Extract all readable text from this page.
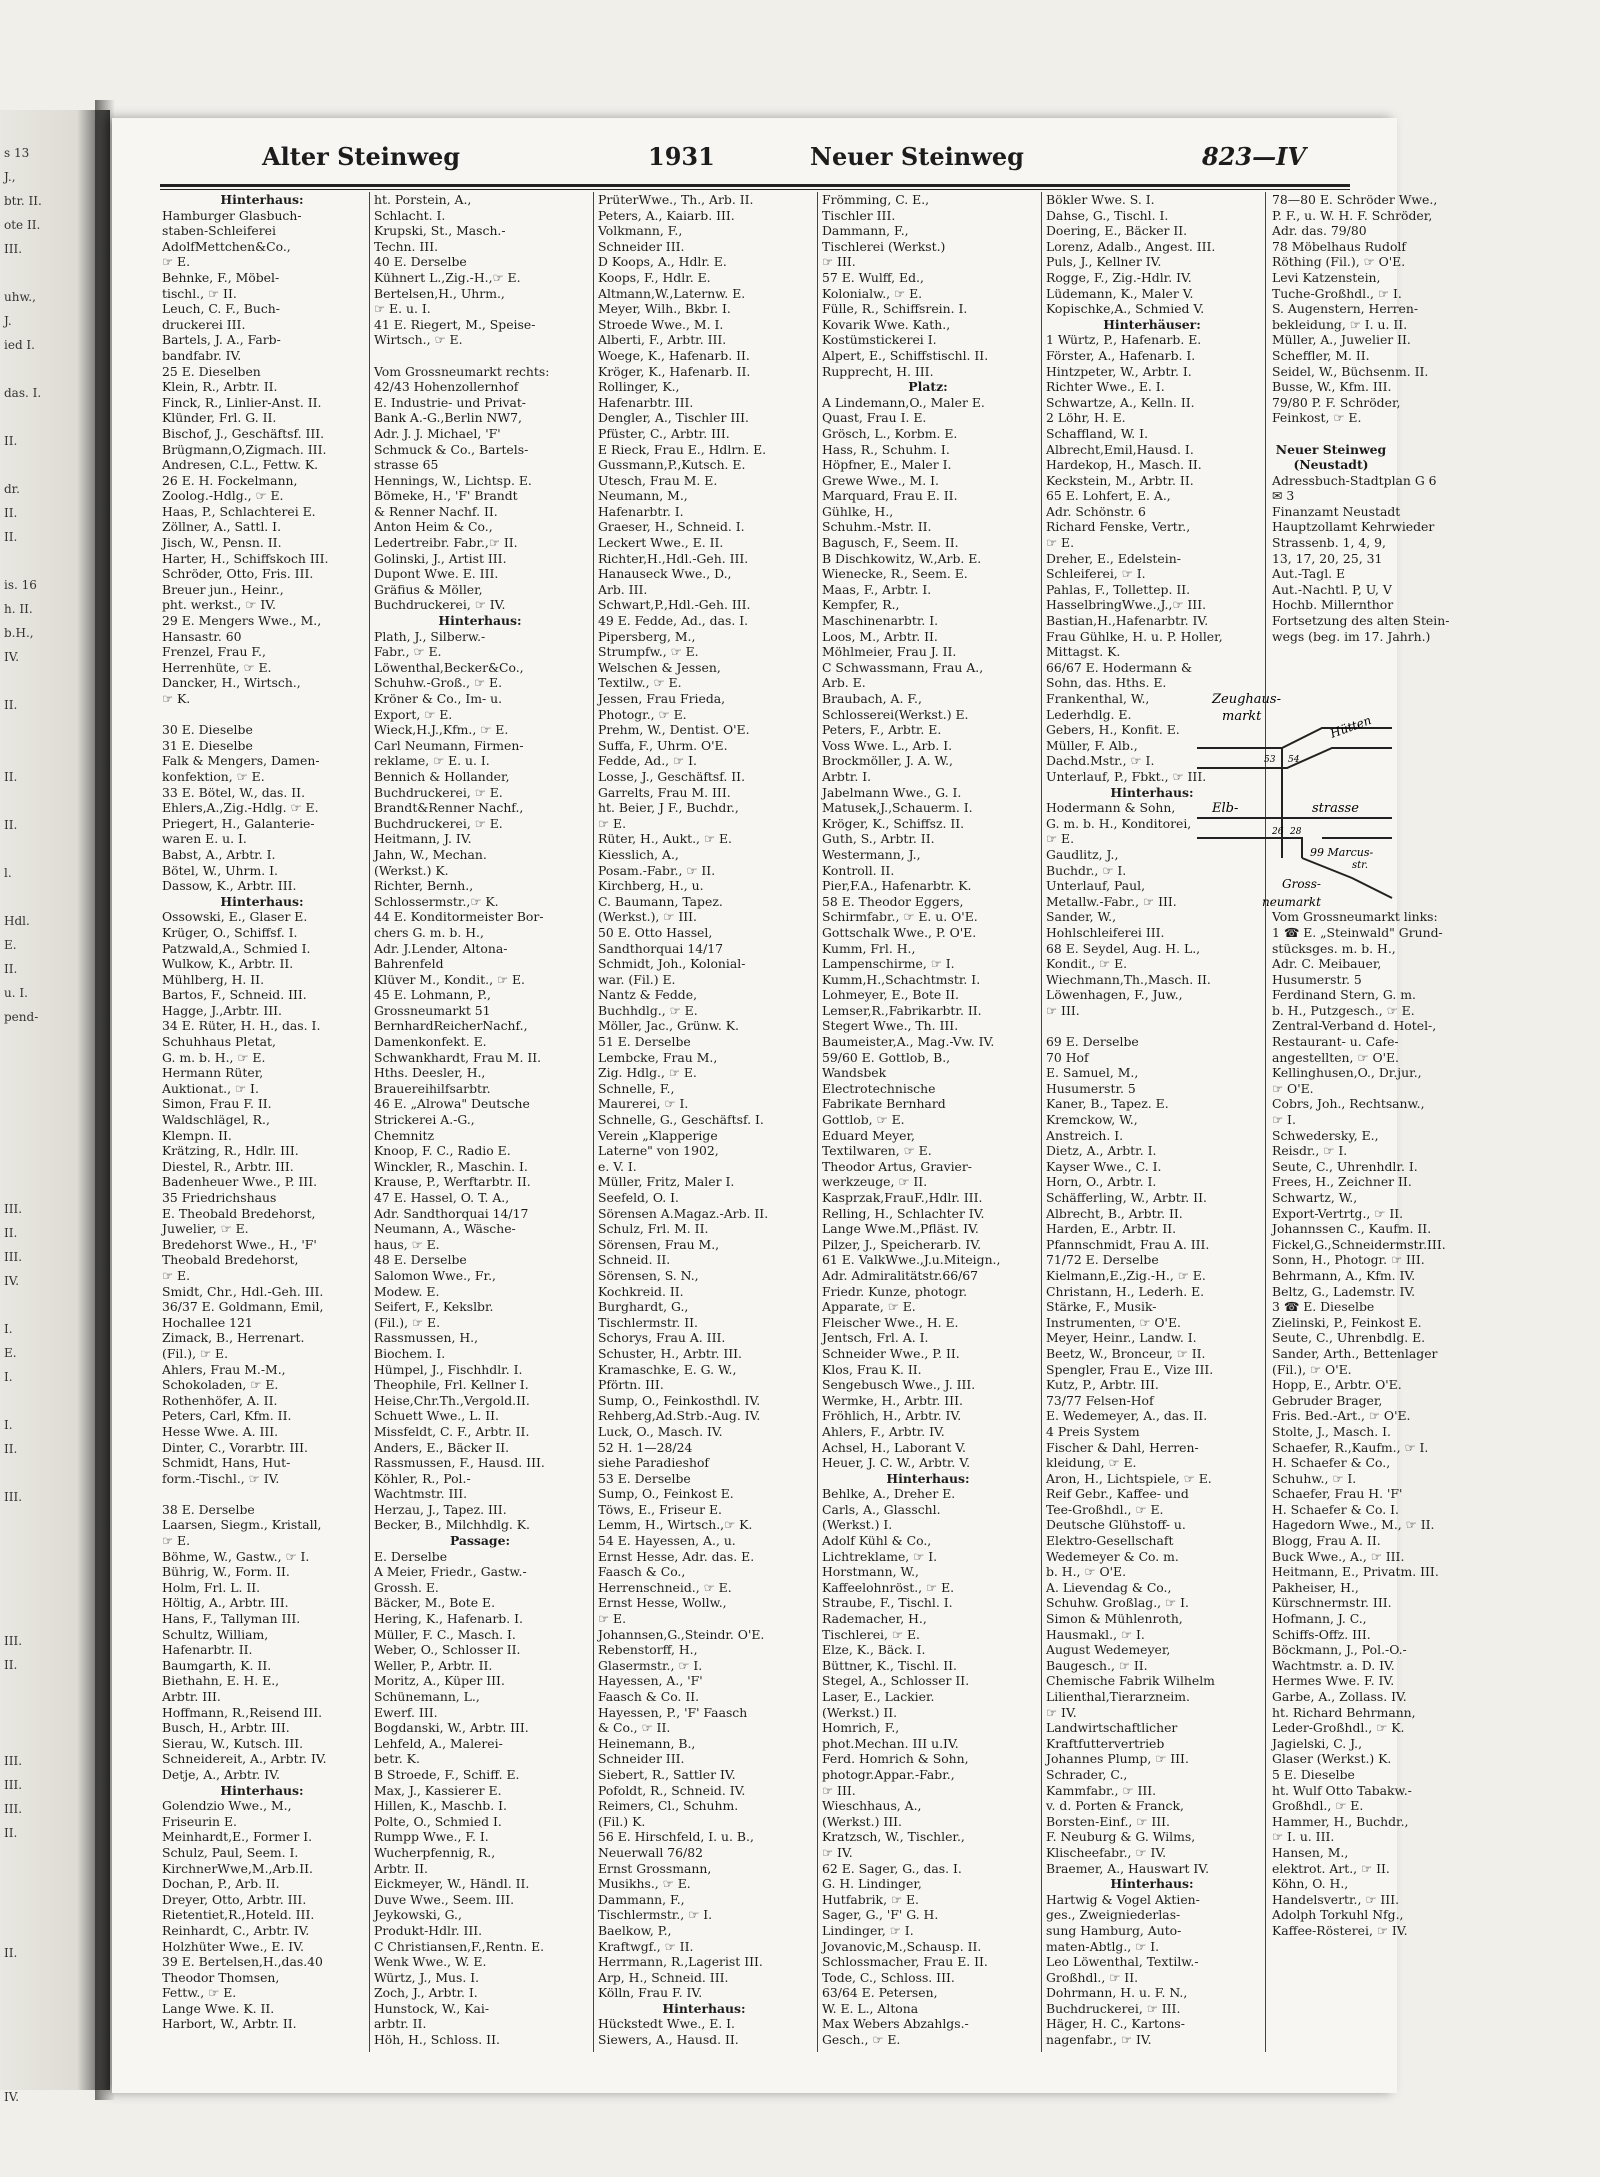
s 13
J.,
btr. II.
ote II.
III.
uhw.,
J.
ied I.
das. I.
II.
dr.
II.
II.
is. 16
h. II.
b.H.,
IV.
II.
II.
II.
l.
Hdl.
E.
II.
u. I.
pend-
III.
II.
III.
IV.
I.
E.
I.
I.
II.
III.
III.
II.
III.
III.
III.
II.
II.
IV.
Alter Steinweg	1931	Neuer Steinweg	823—IV
Hinterhaus:
Hamburger Glasbuch-
staben-Schleiferei
AdolfMettchen&Co.,
☞ E.
Behnke, F., Möbel-
tischl., ☞ II.
Leuch, C. F., Buch-
druckerei III.
Bartels, J. A., Farb-
bandfabr. IV.
25 E. Dieselben
Klein, R., Arbtr. II.
Finck, R., Linlier-Anst. II.
Klünder, Frl. G. II.
Bischof, J., Geschäftsf. III.
Brügmann,O,Zigmach. III.
Andresen, C.L., Fettw. K.
26 E. H. Fockelmann,
Zoolog.-Hdlg., ☞ E.
Haas, P., Schlachterei E.
Zöllner, A., Sattl. I.
Jisch, W., Pensn. II.
Harter, H., Schiffskoch III.
Schröder, Otto, Fris. III.
Breuer jun., Heinr.,
pht. werkst., ☞ IV.
29 E. Mengers Wwe., M.,
Hansastr. 60
Frenzel, Frau F.,
Herrenhüte, ☞ E.
Dancker, H., Wirtsch.,
☞ K.
30 E. Dieselbe
31 E. Dieselbe
Falk & Mengers, Damen-
konfektion, ☞ E.
33 E. Bötel, W., das. II.
Ehlers,A.,Zig.-Hdlg. ☞ E.
Priegert, H., Galanterie-
waren E. u. I.
Babst, A., Arbtr. I.
Bötel, W., Uhrm. I.
Dassow, K., Arbtr. III.
Hinterhaus:
Ossowski, E., Glaser E.
Krüger, O., Schiffsf. I.
Patzwald,A., Schmied I.
Wulkow, K., Arbtr. II.
Mühlberg, H. II.
Bartos, F., Schneid. III.
Hagge, J.,Arbtr. III.
34 E. Rüter, H. H., das. I.
Schuhhaus Pletat,
G. m. b. H., ☞ E.
Hermann Rüter,
Auktionat., ☞ I.
Simon, Frau F. II.
Waldschlägel, R.,
Klempn. II.
Krätzing, R., Hdlr. III.
Diestel, R., Arbtr. III.
Badenheuer Wwe., P. III.
35 Friedrichshaus
E. Theobald Bredehorst,
Juwelier, ☞ E.
Bredehorst Wwe., H., 'F'
Theobald Bredehorst,
☞ E.
Smidt, Chr., Hdl.-Geh. III.
36/37 E. Goldmann, Emil,
Hochallee 121
Zimack, B., Herrenart.
(Fil.), ☞ E.
Ahlers, Frau M.-M.,
Schokoladen, ☞ E.
Rothenhöfer, A. II.
Peters, Carl, Kfm. II.
Hesse Wwe. A. III.
Dinter, C., Vorarbtr. III.
Schmidt, Hans, Hut-
form.-Tischl., ☞ IV.
38 E. Derselbe
Laarsen, Siegm., Kristall,
☞ E.
Böhme, W., Gastw., ☞ I.
Bührig, W., Form. II.
Holm, Frl. L. II.
Höltig, A., Arbtr. III.
Hans, F., Tallyman III.
Schultz, William,
Hafenarbtr. II.
Baumgarth, K. II.
Biethahn, E. H. E.,
Arbtr. III.
Hoffmann, R.,Reisend III.
Busch, H., Arbtr. III.
Sierau, W., Kutsch. III.
Schneidereit, A., Arbtr. IV.
Detje, A., Arbtr. IV.
Hinterhaus:
Golendzio Wwe., M.,
Friseurin E.
Meinhardt,E., Former I.
Schulz, Paul, Seem. I.
KirchnerWwe,M.,Arb.II.
Dochan, P., Arb. II.
Dreyer, Otto, Arbtr. III.
Rietentiet,R.,Hoteld. III.
Reinhardt, C., Arbtr. IV.
Holzhüter Wwe., E. IV.
39 E. Bertelsen,H.,das.40
Theodor Thomsen,
Fettw., ☞ E.
Lange Wwe. K. II.
Harbort, W., Arbtr. II.
ht. Porstein, A.,
Schlacht. I.
Krupski, St., Masch.-
Techn. III.
40 E. Derselbe
Kühnert L.,Zig.-H.,☞ E.
Bertelsen,H., Uhrm.,
☞ E. u. I.
41 E. Riegert, M., Speise-
Wirtsch., ☞ E.
Vom Grossneumarkt rechts:
42/43 Hohenzollernhof
E. Industrie- und Privat-
Bank A.-G.,Berlin NW7,
Adr. J. J. Michael, 'F'
Schmuck & Co., Bartels-
strasse 65
Hennings, W., Lichtsp. E.
Bömeke, H., 'F' Brandt
& Renner Nachf. II.
Anton Heim & Co.,
Ledertreibr. Fabr.,☞ II.
Golinski, J., Artist III.
Dupont Wwe. E. III.
Gräfius & Möller,
Buchdruckerei, ☞ IV.
Hinterhaus:
Plath, J., Silberw.-
Fabr., ☞ E.
Löwenthal,Becker&Co.,
Schuhw.-Groß., ☞ E.
Kröner & Co., Im- u.
Export, ☞ E.
Wieck,H.J.,Kfm., ☞ E.
Carl Neumann, Firmen-
reklame, ☞ E. u. I.
Bennich & Hollander,
Buchdruckerei, ☞ E.
Brandt&Renner Nachf.,
Buchdruckerei, ☞ E.
Heitmann, J. IV.
Jahn, W., Mechan.
(Werkst.) K.
Richter, Bernh.,
Schlossermstr.,☞ K.
44 E. Konditormeister Bor-
chers G. m. b. H.,
Adr. J.Lender, Altona-
Bahrenfeld
Klüver M., Kondit., ☞ E.
45 E. Lohmann, P.,
Grossneumarkt 51
BernhardReicherNachf.,
Damenkonfekt. E.
Schwankhardt, Frau M. II.
Hths. Deesler, H.,
Brauereihilfsarbtr.
46 E. „Alrowa" Deutsche
Strickerei A.-G.,
Chemnitz
Knoop, F. C., Radio E.
Winckler, R., Maschin. I.
Krause, P., Werftarbtr. II.
47 E. Hassel, O. T. A.,
Adr. Sandthorquai 14/17
Neumann, A., Wäsche-
haus, ☞ E.
48 E. Derselbe
Salomon Wwe., Fr.,
Modew. E.
Seifert, F., Kekslbr.
(Fil.), ☞ E.
Rassmussen, H.,
Biochem. I.
Hümpel, J., Fischhdlr. I.
Theophile, Frl. Kellner I.
Heise,Chr.Th.,Vergold.II.
Schuett Wwe., L. II.
Missfeldt, C. F., Arbtr. II.
Anders, E., Bäcker II.
Rassmussen, F., Hausd. III.
Köhler, R., Pol.-
Wachtmstr. III.
Herzau, J., Tapez. III.
Becker, B., Milchhdlg. K.
Passage:
E. Derselbe
A Meier, Friedr., Gastw.-
Grossh. E.
Bäcker, M., Bote E.
Hering, K., Hafenarb. I.
Müller, F. C., Masch. I.
Weber, O., Schlosser II.
Weller, P., Arbtr. II.
Moritz, A., Küper III.
Schünemann, L.,
Ewerf. III.
Bogdanski, W., Arbtr. III.
Lehfeld, A., Malerei-
betr. K.
B Stroede, F., Schiff. E.
Max, J., Kassierer E.
Hillen, K., Maschb. I.
Polte, O., Schmied I.
Rumpp Wwe., F. I.
Wucherpfennig, R.,
Arbtr. II.
Eickmeyer, W., Händl. II.
Duve Wwe., Seem. III.
Jeykowski, G.,
Produkt-Hdlr. III.
C Christiansen,F.,Rentn. E.
Wenk Wwe., W. E.
Würtz, J., Mus. I.
Zoch, J., Arbtr. I.
Hunstock, W., Kai-
arbtr. II.
Höh, H., Schloss. II.
PrüterWwe., Th., Arb. II.
Peters, A., Kaiarb. III.
Volkmann, F.,
Schneider III.
D Koops, A., Hdlr. E.
Koops, F., Hdlr. E.
Altmann,W.,Laternw. E.
Meyer, Wilh., Bkbr. I.
Stroede Wwe., M. I.
Alberti, F., Arbtr. III.
Woege, K., Hafenarb. II.
Kröger, K., Hafenarb. II.
Rollinger, K.,
Hafenarbtr. III.
Dengler, A., Tischler III.
Pfüster, C., Arbtr. III.
E Rieck, Frau E., Hdlrn. E.
Gussmann,P.,Kutsch. E.
Utesch, Frau M. E.
Neumann, M.,
Hafenarbtr. I.
Graeser, H., Schneid. I.
Leckert Wwe., E. II.
Richter,H.,Hdl.-Geh. III.
Hanauseck Wwe., D.,
Arb. III.
Schwart,P.,Hdl.-Geh. III.
49 E. Fedde, Ad., das. I.
Pipersberg, M.,
Strumpfw., ☞ E.
Welschen & Jessen,
Textilw., ☞ E.
Jessen, Frau Frieda,
Photogr., ☞ E.
Prehm, W., Dentist. O'E.
Suffa, F., Uhrm. O'E.
Fedde, Ad., ☞ I.
Losse, J., Geschäftsf. II.
Garrelts, Frau M. III.
ht. Beier, J F., Buchdr.,
☞ E.
Rüter, H., Aukt., ☞ E.
Kiesslich, A.,
Posam.-Fabr., ☞ II.
Kirchberg, H., u.
C. Baumann, Tapez.
(Werkst.), ☞ III.
50 E. Otto Hassel,
Sandthorquai 14/17
Schmidt, Joh., Kolonial-
war. (Fil.) E.
Nantz & Fedde,
Buchhdlg., ☞ E.
Möller, Jac., Grünw. K.
51 E. Derselbe
Lembcke, Frau M.,
Zig. Hdlg., ☞ E.
Schnelle, F.,
Maurerei, ☞ I.
Schnelle, G., Geschäftsf. I.
Verein „Klapperige
Laterne" von 1902,
e. V. I.
Müller, Fritz, Maler I.
Seefeld, O. I.
Sörensen A.Magaz.-Arb. II.
Schulz, Frl. M. II.
Sörensen, Frau M.,
Schneid. II.
Sörensen, S. N.,
Kochkreid. II.
Burghardt, G.,
Tischlermstr. II.
Schorys, Frau A. III.
Schuster, H., Arbtr. III.
Kramaschke, E. G. W.,
Pförtn. III.
Sump, O., Feinkosthdl. IV.
Rehberg,Ad.Strb.-Aug. IV.
Luck, O., Masch. IV.
52 H. 1—28/24
siehe Paradieshof
53 E. Derselbe
Sump, O., Feinkost E.
Töws, E., Friseur E.
Lemm, H., Wirtsch.,☞ K.
54 E. Hayessen, A., u.
Ernst Hesse, Adr. das. E.
Faasch & Co.,
Herrenschneid., ☞ E.
Ernst Hesse, Wollw.,
☞ E.
Johannsen,G.,Steindr. O'E.
Rebenstorff, H.,
Glasermstr., ☞ I.
Hayessen, A., 'F'
Faasch & Co. II.
Hayessen, P., 'F' Faasch
& Co., ☞ II.
Heinemann, B.,
Schneider III.
Siebert, R., Sattler IV.
Pofoldt, R., Schneid. IV.
Reimers, Cl., Schuhm.
(Fil.) K.
56 E. Hirschfeld, I. u. B.,
Neuerwall 76/82
Ernst Grossmann,
Musikhs., ☞ E.
Dammann, F.,
Tischlermstr., ☞ I.
Baelkow, P.,
Kraftwgf., ☞ II.
Herrmann, R.,Lagerist III.
Arp, H., Schneid. III.
Kölln, Frau F. IV.
Hinterhaus:
Hückstedt Wwe., E. I.
Siewers, A., Hausd. II.
Frömming, C. E.,
Tischler III.
Dammann, F.,
Tischlerei (Werkst.)
☞ III.
57 E. Wulff, Ed.,
Kolonialw., ☞ E.
Fülle, R., Schiffsrein. I.
Kovarik Wwe. Kath.,
Kostümstickerei I.
Alpert, E., Schiffstischl. II.
Rupprecht, H. III.
Platz:
A Lindemann,O., Maler E.
Quast, Frau I. E.
Grösch, L., Korbm. E.
Hass, R., Schuhm. I.
Höpfner, E., Maler I.
Grewe Wwe., M. I.
Marquard, Frau E. II.
Gühlke, H.,
Schuhm.-Mstr. II.
Bagusch, F., Seem. II.
B Dischkowitz, W.,Arb. E.
Wienecke, R., Seem. E.
Maas, F., Arbtr. I.
Kempfer, R.,
Maschinenarbtr. I.
Loos, M., Arbtr. II.
Möhlmeier, Frau J. II.
C Schwassmann, Frau A.,
Arb. E.
Braubach, A. F.,
Schlosserei(Werkst.) E.
Peters, F., Arbtr. E.
Voss Wwe. L., Arb. I.
Brockmöller, J. A. W.,
Arbtr. I.
Jabelmann Wwe., G. I.
Matusek,J.,Schauerm. I.
Kröger, K., Schiffsz. II.
Guth, S., Arbtr. II.
Westermann, J.,
Kontroll. II.
Pier,F.A., Hafenarbtr. K.
58 E. Theodor Eggers,
Schirmfabr., ☞ E. u. O'E.
Gottschalk Wwe., P. O'E.
Kumm, Frl. H.,
Lampenschirme, ☞ I.
Kumm,H.,Schachtmstr. I.
Lohmeyer, E., Bote II.
Lemser,R.,Fabrikarbtr. II.
Stegert Wwe., Th. III.
Baumeister,A., Mag.-Vw. IV.
59/60 E. Gottlob, B.,
Wandsbek
Electrotechnische
Fabrikate Bernhard
Gottlob, ☞ E.
Eduard Meyer,
Textilwaren, ☞ E.
Theodor Artus, Gravier-
werkzeuge, ☞ II.
Kasprzak,FrauF.,Hdlr. III.
Relling, H., Schlachter IV.
Lange Wwe.M.,Pfläst. IV.
Pilzer, J., Speicherarb. IV.
61 E. ValkWwe.,J.u.Miteign.,
Adr. Admiralitätstr.66/67
Friedr. Kunze, photogr.
Apparate, ☞ E.
Fleischer Wwe., H. E.
Jentsch, Frl. A. I.
Schneider Wwe., P. II.
Klos, Frau K. II.
Sengebusch Wwe., J. III.
Wermke, H., Arbtr. III.
Fröhlich, H., Arbtr. IV.
Ahlers, F., Arbtr. IV.
Achsel, H., Laborant V.
Heuer, J. C. W., Arbtr. V.
Hinterhaus:
Behlke, A., Dreher E.
Carls, A., Glasschl.
(Werkst.) I.
Adolf Kühl & Co.,
Lichtreklame, ☞ I.
Horstmann, W.,
Kaffeelohnröst., ☞ E.
Straube, F., Tischl. I.
Rademacher, H.,
Tischlerei, ☞ E.
Elze, K., Bäck. I.
Büttner, K., Tischl. II.
Stegel, A., Schlosser II.
Laser, E., Lackier.
(Werkst.) II.
Homrich, F.,
phot.Mechan. III u.IV.
Ferd. Homrich & Sohn,
photogr.Appar.-Fabr.,
☞ III.
Wieschhaus, A.,
(Werkst.) III.
Kratzsch, W., Tischler.,
☞ IV.
62 E. Sager, G., das. I.
G. H. Lindinger,
Hutfabrik, ☞ E.
Sager, G., 'F' G. H.
Lindinger, ☞ I.
Jovanovic,M.,Schausp. II.
Schlossmacher, Frau E. II.
Tode, C., Schloss. III.
63/64 E. Petersen,
W. E. L., Altona
Max Webers Abzahlgs.-
Gesch., ☞ E.
Bökler Wwe. S. I.
Dahse, G., Tischl. I.
Doering, E., Bäcker II.
Lorenz, Adalb., Angest. III.
Puls, J., Kellner IV.
Rogge, F., Zig.-Hdlr. IV.
Lüdemann, K., Maler V.
Kopischke,A., Schmied V.
Hinterhäuser:
1 Würtz, P., Hafenarb. E.
Förster, A., Hafenarb. I.
Hintzpeter, W., Arbtr. I.
Richter Wwe., E. I.
Schwartze, A., Kelln. II.
2 Löhr, H. E.
Schaffland, W. I.
Albrecht,Emil,Hausd. I.
Hardekop, H., Masch. II.
Keckstein, M., Arbtr. II.
65 E. Lohfert, E. A.,
Adr. Schönstr. 6
Richard Fenske, Vertr.,
☞ E.
Dreher, E., Edelstein-
Schleiferei, ☞ I.
Pahlas, F., Tollettep. II.
HasselbringWwe.,J.,☞ III.
Bastian,H.,Hafenarbtr. IV.
Frau Gühlke, H. u. P. Holler,
Mittagst. K.
66/67 E. Hodermann &
Sohn, das. Hths. E.
Frankenthal, W.,
Lederhdlg. E.
Gebers, H., Konfit. E.
Müller, F. Alb.,
Dachd.Mstr., ☞ I.
Unterlauf, P., Fbkt., ☞ III.
Hinterhaus:
Hodermann & Sohn,
G. m. b. H., Konditorei,
☞ E.
Gaudlitz, J.,
Buchdr., ☞ I.
Unterlauf, Paul,
Metallw.-Fabr., ☞ III.
Sander, W.,
Hohlschleiferei III.
68 E. Seydel, Aug. H. L.,
Kondit., ☞ E.
Wiechmann,Th.,Masch. II.
Löwenhagen, F., Juw.,
☞ III.
69 E. Derselbe
70 Hof
E. Samuel, M.,
Husumerstr. 5
Kaner, B., Tapez. E.
Kremckow, W.,
Anstreich. I.
Dietz, A., Arbtr. I.
Kayser Wwe., C. I.
Horn, O., Arbtr. I.
Schäfferling, W., Arbtr. II.
Albrecht, B., Arbtr. II.
Harden, E., Arbtr. II.
Pfannschmidt, Frau A. III.
71/72 E. Derselbe
Kielmann,E.,Zig.-H., ☞ E.
Christann, H., Lederh. E.
Stärke, F., Musik-
Instrumenten, ☞ O'E.
Meyer, Heinr., Landw. I.
Beetz, W., Bronceur, ☞ II.
Spengler, Frau E., Vize III.
Kutz, P., Arbtr. III.
73/77 Felsen-Hof
E. Wedemeyer, A., das. II.
4 Preis System
Fischer & Dahl, Herren-
kleidung, ☞ E.
Aron, H., Lichtspiele, ☞ E.
Reif Gebr., Kaffee- und
Tee-Großhdl., ☞ E.
Deutsche Glühstoff- u.
Elektro-Gesellschaft
Wedemeyer & Co. m.
b. H., ☞ O'E.
A. Lievendag & Co.,
Schuhw. Großlag., ☞ I.
Simon & Mühlenroth,
Hausmakl., ☞ I.
August Wedemeyer,
Baugesch., ☞ II.
Chemische Fabrik Wilhelm
Lilienthal,Tierarzneim.
☞ IV.
Landwirtschaftlicher
Kraftfuttervertrieb
Johannes Plump, ☞ III.
Schrader, C.,
Kammfabr., ☞ III.
v. d. Porten & Franck,
Borsten-Einf., ☞ III.
F. Neuburg & G. Wilms,
Klischeefabr., ☞ IV.
Braemer, A., Hauswart IV.
Hinterhaus:
Hartwig & Vogel Aktien-
ges., Zweigniederlas-
sung Hamburg, Auto-
maten-Abtlg., ☞ I.
Leo Löwenthal, Textilw.-
Großhdl., ☞ II.
Dohrmann, H. u. F. N.,
Buchdruckerei, ☞ III.
Häger, H. C., Kartons-
nagenfabr., ☞ IV.
78—80 E. Schröder Wwe.,
P. F., u. W. H. F. Schröder,
Adr. das. 79/80
78 Möbelhaus Rudolf
Röthing (Fil.), ☞ O'E.
Levi Katzenstein,
Tuche-Großhdl., ☞ I.
S. Augenstern, Herren-
bekleidung, ☞ I. u. II.
Müller, A., Juwelier II.
Scheffler, M. II.
Seidel, W., Büchsenm. II.
Busse, W., Kfm. III.
79/80 P. F. Schröder,
Feinkost, ☞ E.
Neuer Steinweg
(Neustadt)
Adressbuch-Stadtplan G 6
✉ 3
Finanzamt Neustadt
Hauptzollamt Kehrwieder
Strassenb. 1, 4, 9,
13, 17, 20, 25, 31
Aut.-Tagl. E
Aut.-Nachtl. P, U, V
Hochb. Millernthor
Fortsetzung des alten Stein-
wegs (beg. im 17. Jahrh.)
Vom Grossneumarkt links:
1 ☎ E. „Steinwald" Grund-
stücksges. m. b. H.,
Adr. C. Meibauer,
Husumerstr. 5
Ferdinand Stern, G. m.
b. H., Putzgesch., ☞ E.
Zentral-Verband d. Hotel-,
Restaurant- u. Cafe-
angestellten, ☞ O'E.
Kellinghusen,O., Dr.jur.,
☞ O'E.
Cobrs, Joh., Rechtsanw.,
☞ I.
Schwedersky, E.,
Reisdr., ☞ I.
Seute, C., Uhrenhdlr. I.
Frees, H., Zeichner II.
Schwartz, W.,
Export-Vertrtg., ☞ II.
Johannssen C., Kaufm. II.
Fickel,G.,Schneidermstr.III.
Sonn, H., Photogr. ☞ III.
Behrmann, A., Kfm. IV.
Beltz, G., Lademstr. IV.
3 ☎ E. Dieselbe
Zielinski, P., Feinkost E.
Seute, C., Uhrenbdlg. E.
Sander, Arth., Bettenlager
(Fil.), ☞ O'E.
Hopp, E., Arbtr. O'E.
Gebruder Brager,
Fris. Bed.-Art., ☞ O'E.
Stolte, J., Masch. I.
Schaefer, R.,Kaufm., ☞ I.
H. Schaefer & Co.,
Schuhw., ☞ I.
Schaefer, Frau H. 'F'
H. Schaefer & Co. I.
Hagedorn Wwe., M., ☞ II.
Blogg, Frau A. II.
Buck Wwe., A., ☞ III.
Heitmann, E., Privatm. III.
Pakheiser, H.,
Kürschnermstr. III.
Hofmann, J. C.,
Schiffs-Offz. III.
Böckmann, J., Pol.-O.-
Wachtmstr. a. D. IV.
Hermes Wwe. F. IV.
Garbe, A., Zollass. IV.
ht. Richard Behrmann,
Leder-Großhdl., ☞ K.
Jagielski, C. J.,
Glaser (Werkst.) K.
5 E. Dieselbe
ht. Wulf Otto Tabakw.-
Großhdl., ☞ E.
Hammer, H., Buchdr.,
☞ I. u. III.
Hansen, M.,
elektrot. Art., ☞ II.
Köhn, O. H.,
Handelsvertr., ☞ III.
Adolph Torkuhl Nfg.,
Kaffee-Rösterei, ☞ IV.
Zeughaus-
markt	Hütten
53 54
Elb-	strasse
26 28
99 Marcus-
str.
Gross-
neumarkt
